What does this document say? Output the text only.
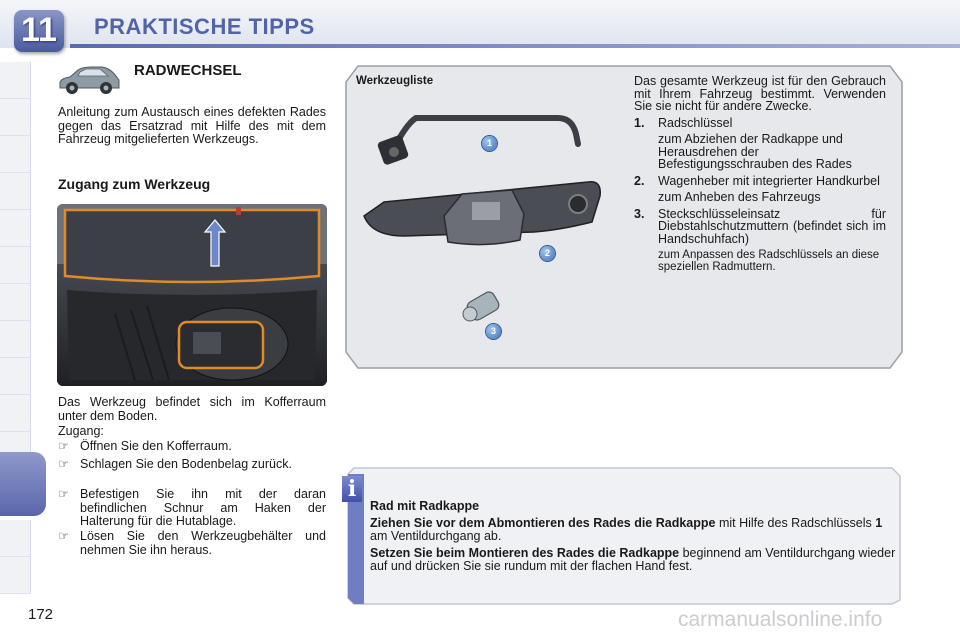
11	PRAKTISCHE TIPPS
RADWECHSEL
Anleitung zum Austausch eines defekten Rades gegen das Ersatzrad mit Hilfe des mit dem Fahrzeug mitgelieferten Werkzeugs.
Zugang zum Werkzeug
Das Werkzeug befindet sich im Kofferraum unter dem Boden.
Zugang:
☞ Öffnen Sie den Kofferraum.
☞ Schlagen Sie den Bodenbelag zurück.
☞ Befestigen Sie ihn mit der daran befindlichen Schnur am Haken der Halterung für die Hutablage.
☞ Lösen Sie den Werkzeugbehälter und nehmen Sie ihn heraus.
1
2
3
Werkzeugliste	Das gesamte Werkzeug ist für den Gebrauch mit Ihrem Fahrzeug bestimmt. Verwenden Sie sie nicht für andere Zwecke.
1. Radschlüssel
zum Abziehen der Radkappe und Herausdrehen der Befestigungsschrauben des Rades
2. Wagenheber mit integrierter Handkurbel
zum Anheben des Fahrzeugs
3. Steckschlüsseleinsatz für Diebstahlschutzmuttern (befindet sich im Handschuhfach)
zum Anpassen des Radschlüssels an diese speziellen Radmuttern.
i

Rad mit Radkappe

Ziehen Sie vor dem Abmontieren des Rades die Radkappe mit Hilfe des Radschlüssels 1 am Ventildurchgang ab.

Setzen Sie beim Montieren des Rades die Radkappe beginnend am Ventildurchgang wieder auf und drücken Sie sie rundum mit der flachen Hand fest.

172	carmanualsonline.info
